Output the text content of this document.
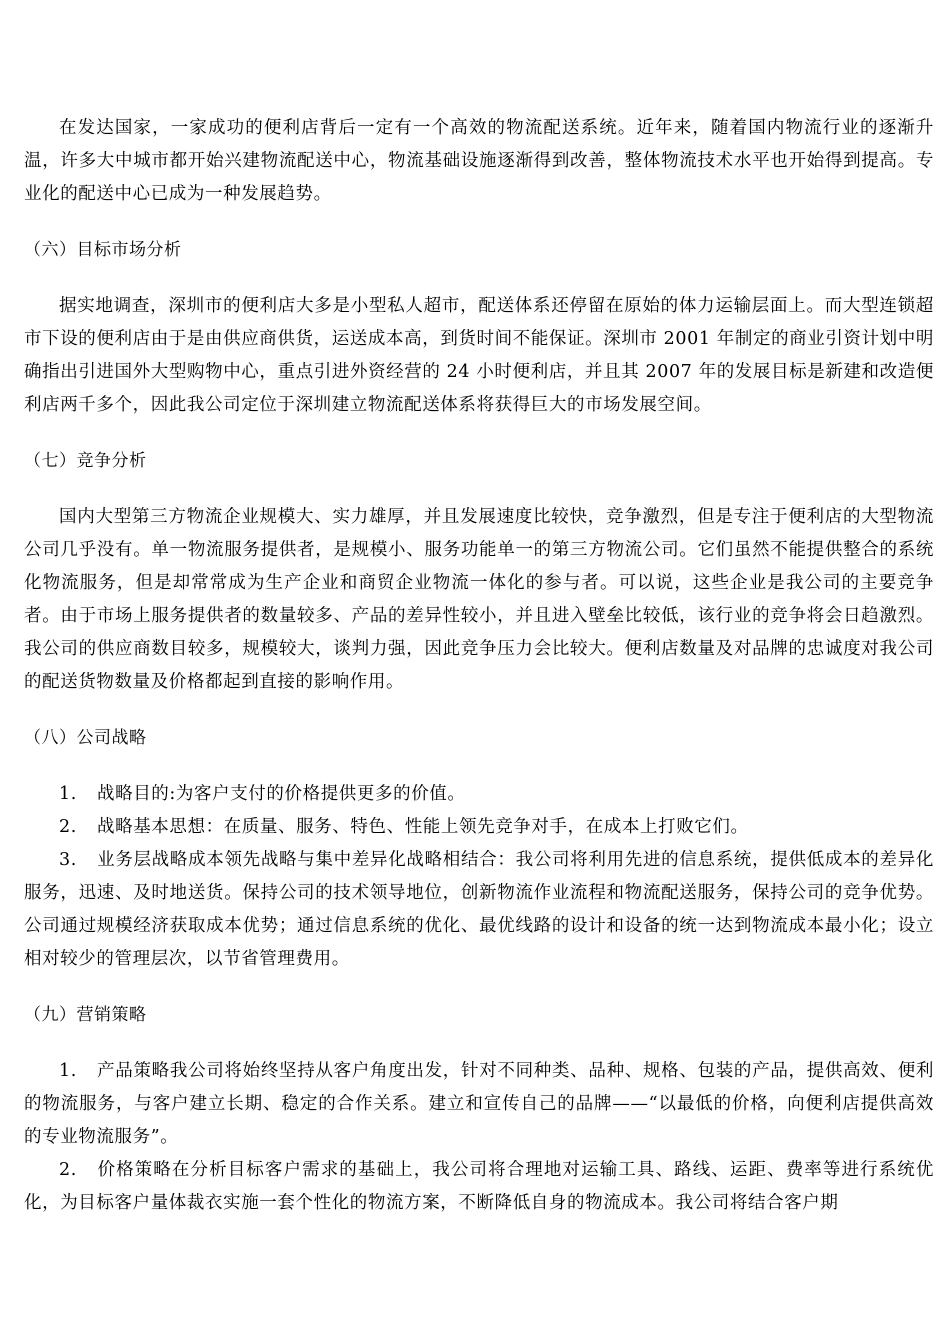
在发达国家，一家成功的便利店背后一定有一个高效的物流配送系统。近年来，随着国内物流行业的逐渐升温，许多大中城市都开始兴建物流配送中心，物流基础设施逐渐得到改善，整体物流技术水平也开始得到提高。专业化的配送中心已成为一种发展趋势。

（六）目标市场分析

据实地调查，深圳市的便利店大多是小型私人超市，配送体系还停留在原始的体力运输层面上。而大型连锁超市下设的便利店由于是由供应商供货，运送成本高，到货时间不能保证。深圳市 2001 年制定的商业引资计划中明确指出引进国外大型购物中心，重点引进外资经营的 24 小时便利店，并且其 2007 年的发展目标是新建和改造便利店两千多个，因此我公司定位于深圳建立物流配送体系将获得巨大的市场发展空间。

（七）竞争分析

国内大型第三方物流企业规模大、实力雄厚，并且发展速度比较快，竞争激烈，但是专注于便利店的大型物流公司几乎没有。单一物流服务提供者，是规模小、服务功能单一的第三方物流公司。它们虽然不能提供整合的系统化物流服务，但是却常常成为生产企业和商贸企业物流一体化的参与者。可以说，这些企业是我公司的主要竞争者。由于市场上服务提供者的数量较多、产品的差异性较小，并且进入壁垒比较低，该行业的竞争将会日趋激烈。我公司的供应商数目较多，规模较大，谈判力强，因此竞争压力会比较大。便利店数量及对品牌的忠诚度对我公司的配送货物数量及价格都起到直接的影响作用。

（八）公司战略

1. 战略目的:为客户支付的价格提供更多的价值。

2. 战略基本思想：在质量、服务、特色、性能上领先竞争对手，在成本上打败它们。

3. 业务层战略成本领先战略与集中差异化战略相结合：我公司将利用先进的信息系统，提供低成本的差异化服务，迅速、及时地送货。保持公司的技术领导地位，创新物流作业流程和物流配送服务，保持公司的竞争优势。公司通过规模经济获取成本优势；通过信息系统的优化、最优线路的设计和设备的统一达到物流成本最小化；设立相对较少的管理层次，以节省管理费用。

（九）营销策略

1. 产品策略我公司将始终坚持从客户角度出发，针对不同种类、品种、规格、包装的产品，提供高效、便利的物流服务，与客户建立长期、稳定的合作关系。建立和宣传自己的品牌——“以最低的价格，向便利店提供高效的专业物流服务”。

2. 价格策略在分析目标客户需求的基础上，我公司将合理地对运输工具、路线、运距、费率等进行系统优化，为目标客户量体裁衣实施一套个性化的物流方案，不断降低自身的物流成本。我公司将结合客户期
